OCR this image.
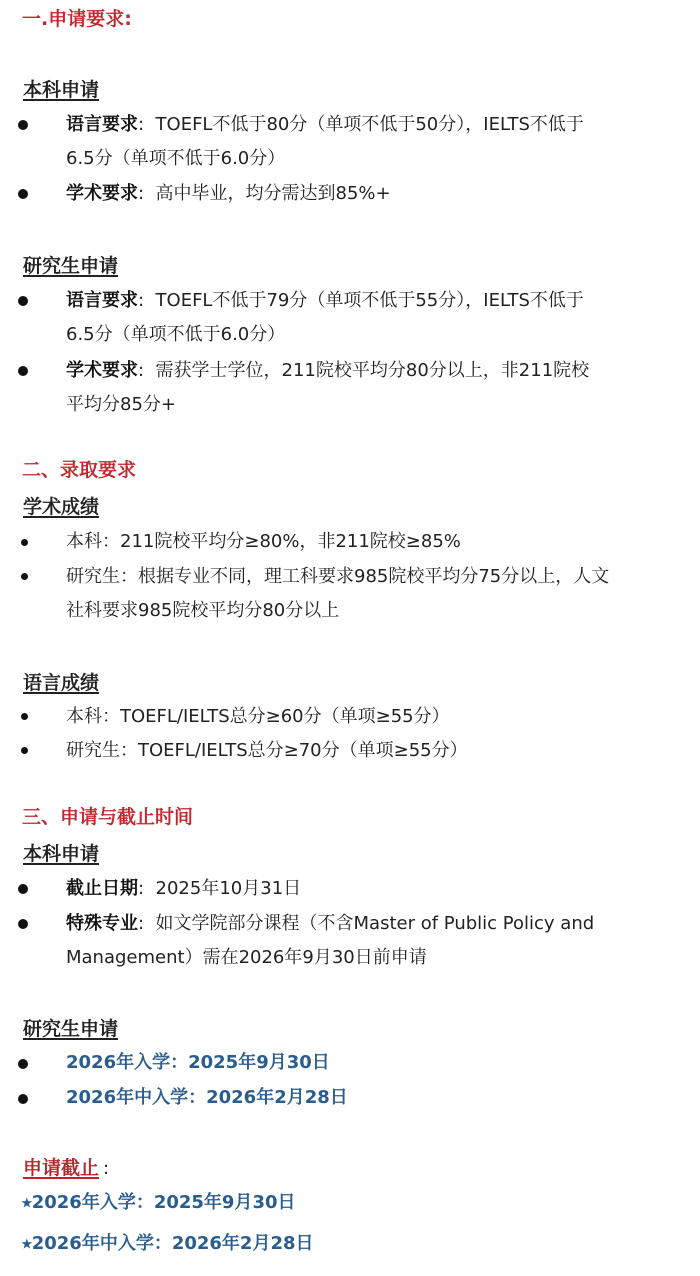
一.申请要求:
本科申请
语言要求: TOEFL不低于80分（单项不低于50分），IELTS不低于
6.5分（单项不低于6.0分）
学术要求: 高中毕业，均分需达到85%+
研究生申请
语言要求: TOEFL不低于79分（单项不低于55分），IELTS不低于
6.5分（单项不低于6.0分）
学术要求: 需获学士学位，211院校平均分80分以上，非211院校
平均分85分+
二、录取要求
学术成绩
本科：211院校平均分≥80%，非211院校≥85%
研究生：根据专业不同，理工科要求985院校平均分75分以上，人文
社科要求985院校平均分80分以上
语言成绩
本科：TOEFL/IELTS总分≥60分（单项≥55分）
研究生：TOEFL/IELTS总分≥70分（单项≥55分）
三、申请与截止时间
本科申请
截止日期: 2025年10月31日
特殊专业: 如文学院部分课程（不含Master of Public Policy and
Management）需在2026年9月30日前申请
研究生申请
2026年入学：2025年9月30日
2026年中入学：2026年2月28日
申请截止 :
⭑2026年入学：2025年9月30日
⭑2026年中入学：2026年2月28日
